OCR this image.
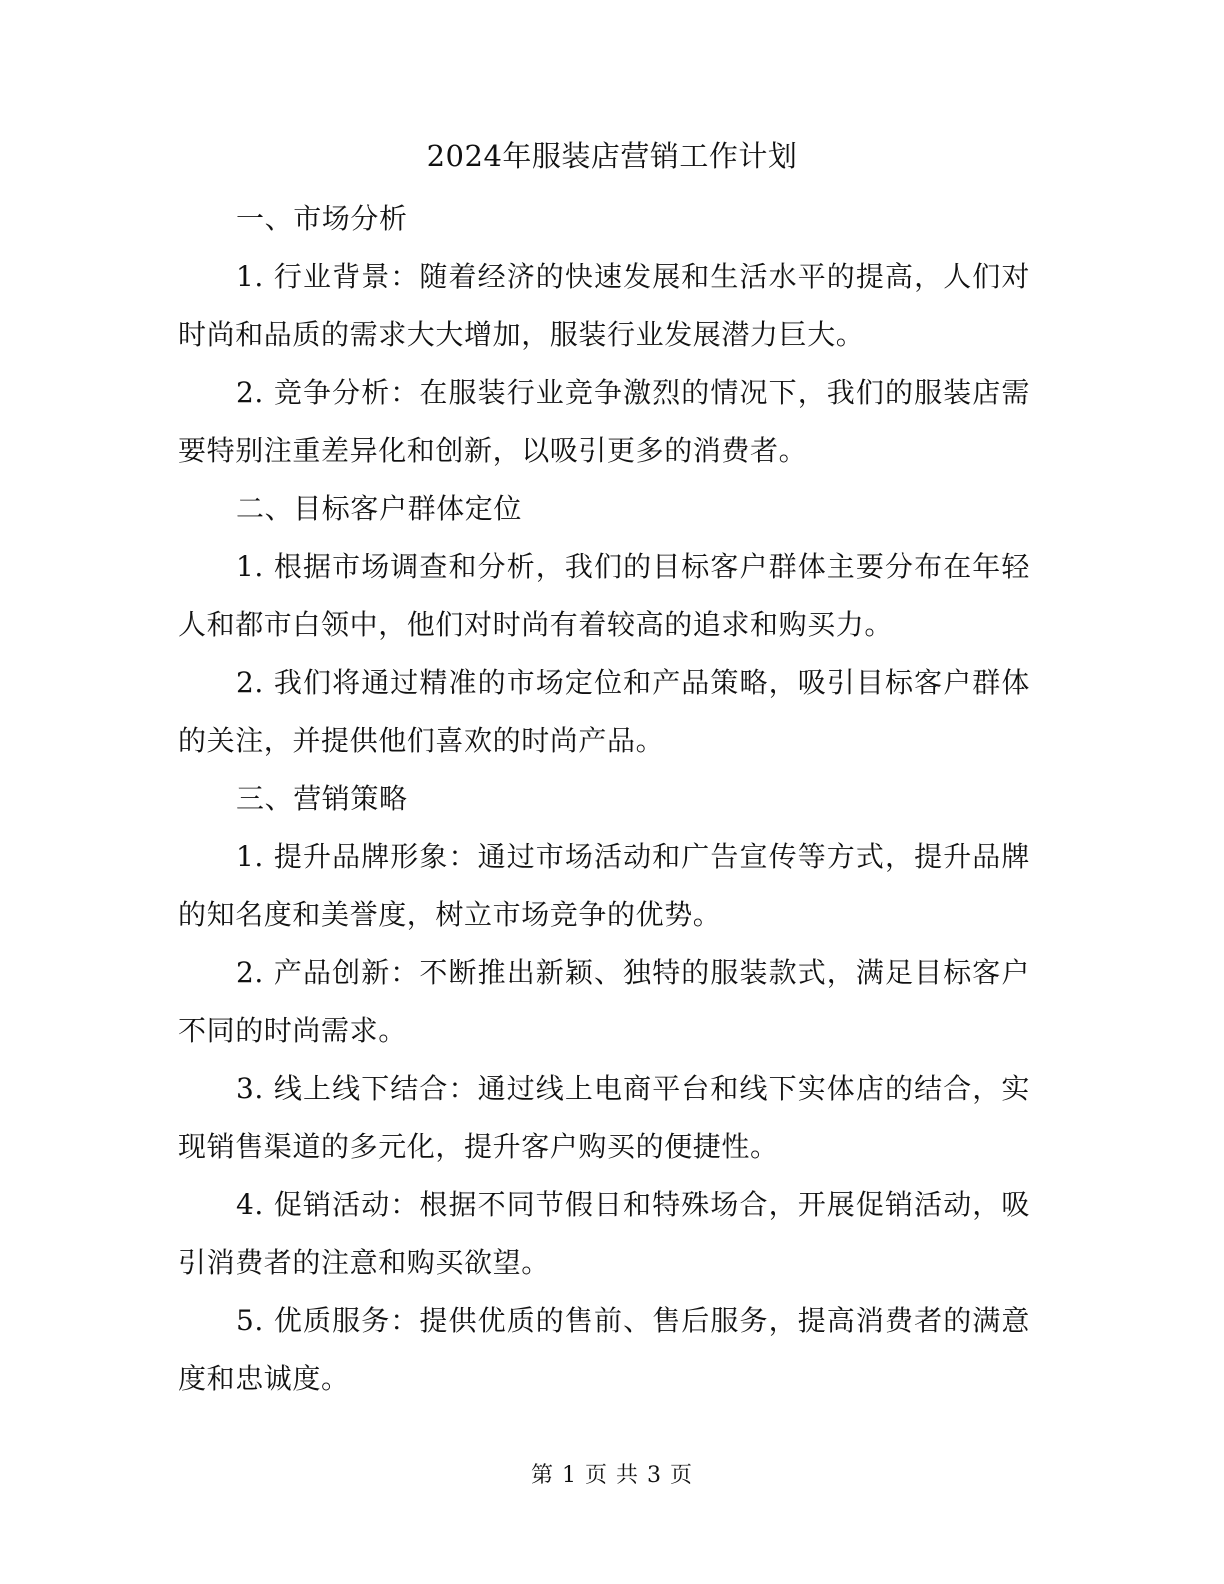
2024年服装店营销工作计划

一、市场分析

1. 行业背景：随着经济的快速发展和生活水平的提高，人们对时尚和品质的需求大大增加，服装行业发展潜力巨大。

2. 竞争分析：在服装行业竞争激烈的情况下，我们的服装店需要特别注重差异化和创新，以吸引更多的消费者。

二、目标客户群体定位

1. 根据市场调查和分析，我们的目标客户群体主要分布在年轻人和都市白领中，他们对时尚有着较高的追求和购买力。

2. 我们将通过精准的市场定位和产品策略，吸引目标客户群体的关注，并提供他们喜欢的时尚产品。

三、营销策略

1. 提升品牌形象：通过市场活动和广告宣传等方式，提升品牌的知名度和美誉度，树立市场竞争的优势。

2. 产品创新：不断推出新颖、独特的服装款式，满足目标客户不同的时尚需求。

3. 线上线下结合：通过线上电商平台和线下实体店的结合，实现销售渠道的多元化，提升客户购买的便捷性。

4. 促销活动：根据不同节假日和特殊场合，开展促销活动，吸引消费者的注意和购买欲望。

5. 优质服务：提供优质的售前、售后服务，提高消费者的满意度和忠诚度。

第 1 页 共 3 页
